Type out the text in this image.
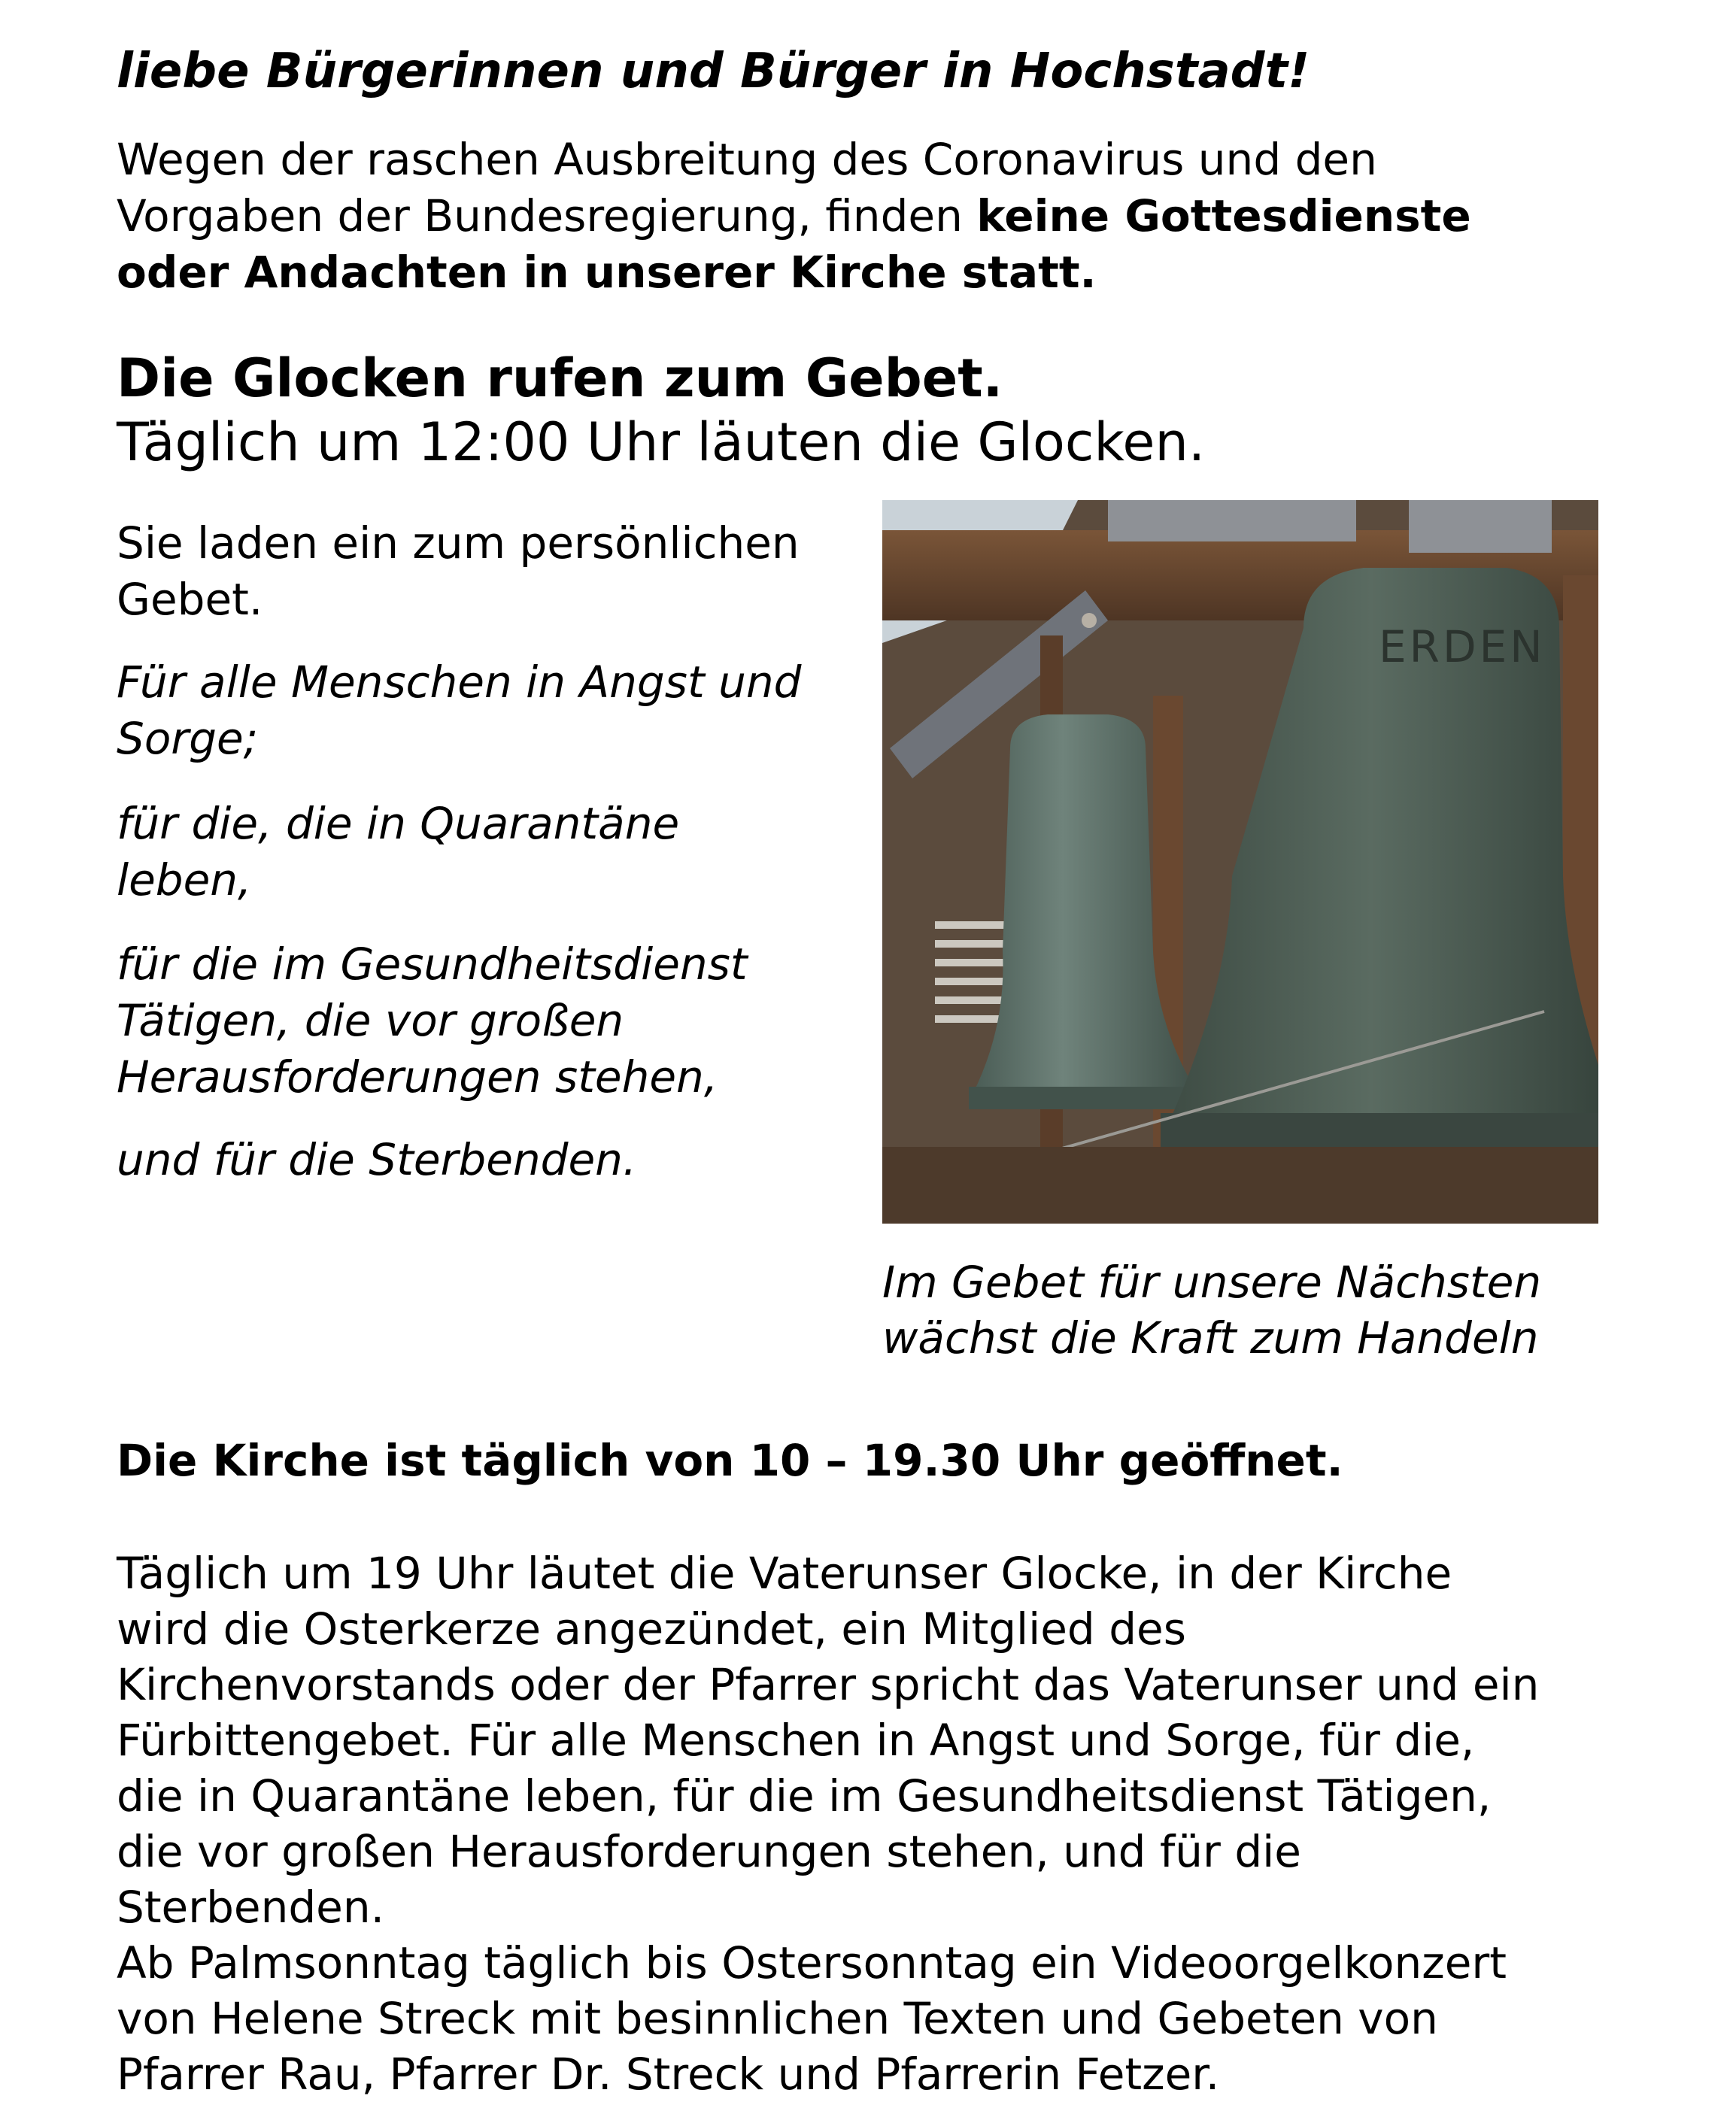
liebe Bürgerinnen und Bürger in Hochstadt!
Wegen der raschen Ausbreitung des Coronavirus und den
Vorgaben der Bundesregierung, finden keine Gottesdienste
oder Andachten in unserer Kirche statt.
Die Glocken rufen zum Gebet.
Täglich um 12:00 Uhr läuten die Glocken.
Sie laden ein zum persönlichen
Gebet.
Für alle Menschen in Angst und
Sorge;
für die, die in Quarantäne
leben,
für die im Gesundheitsdienst
Tätigen, die vor großen
Herausforderungen stehen,
und für die Sterbenden.
ERDEN
Im Gebet für unsere Nächsten
wächst die Kraft zum Handeln
Die Kirche ist täglich von 10 – 19.30 Uhr geöffnet.
Täglich um 19 Uhr läutet die Vaterunser Glocke, in der Kirche
wird die Osterkerze angezündet, ein Mitglied des
Kirchenvorstands oder der Pfarrer spricht das Vaterunser und ein
Fürbittengebet. Für alle Menschen in Angst und Sorge, für die,
die in Quarantäne leben, für die im Gesundheitsdienst Tätigen,
die vor großen Herausforderungen stehen, und für die
Sterbenden.
Ab Palmsonntag täglich bis Ostersonntag ein Videoorgelkonzert
von Helene Streck mit besinnlichen Texten und Gebeten von
Pfarrer Rau, Pfarrer Dr. Streck und Pfarrerin Fetzer.
